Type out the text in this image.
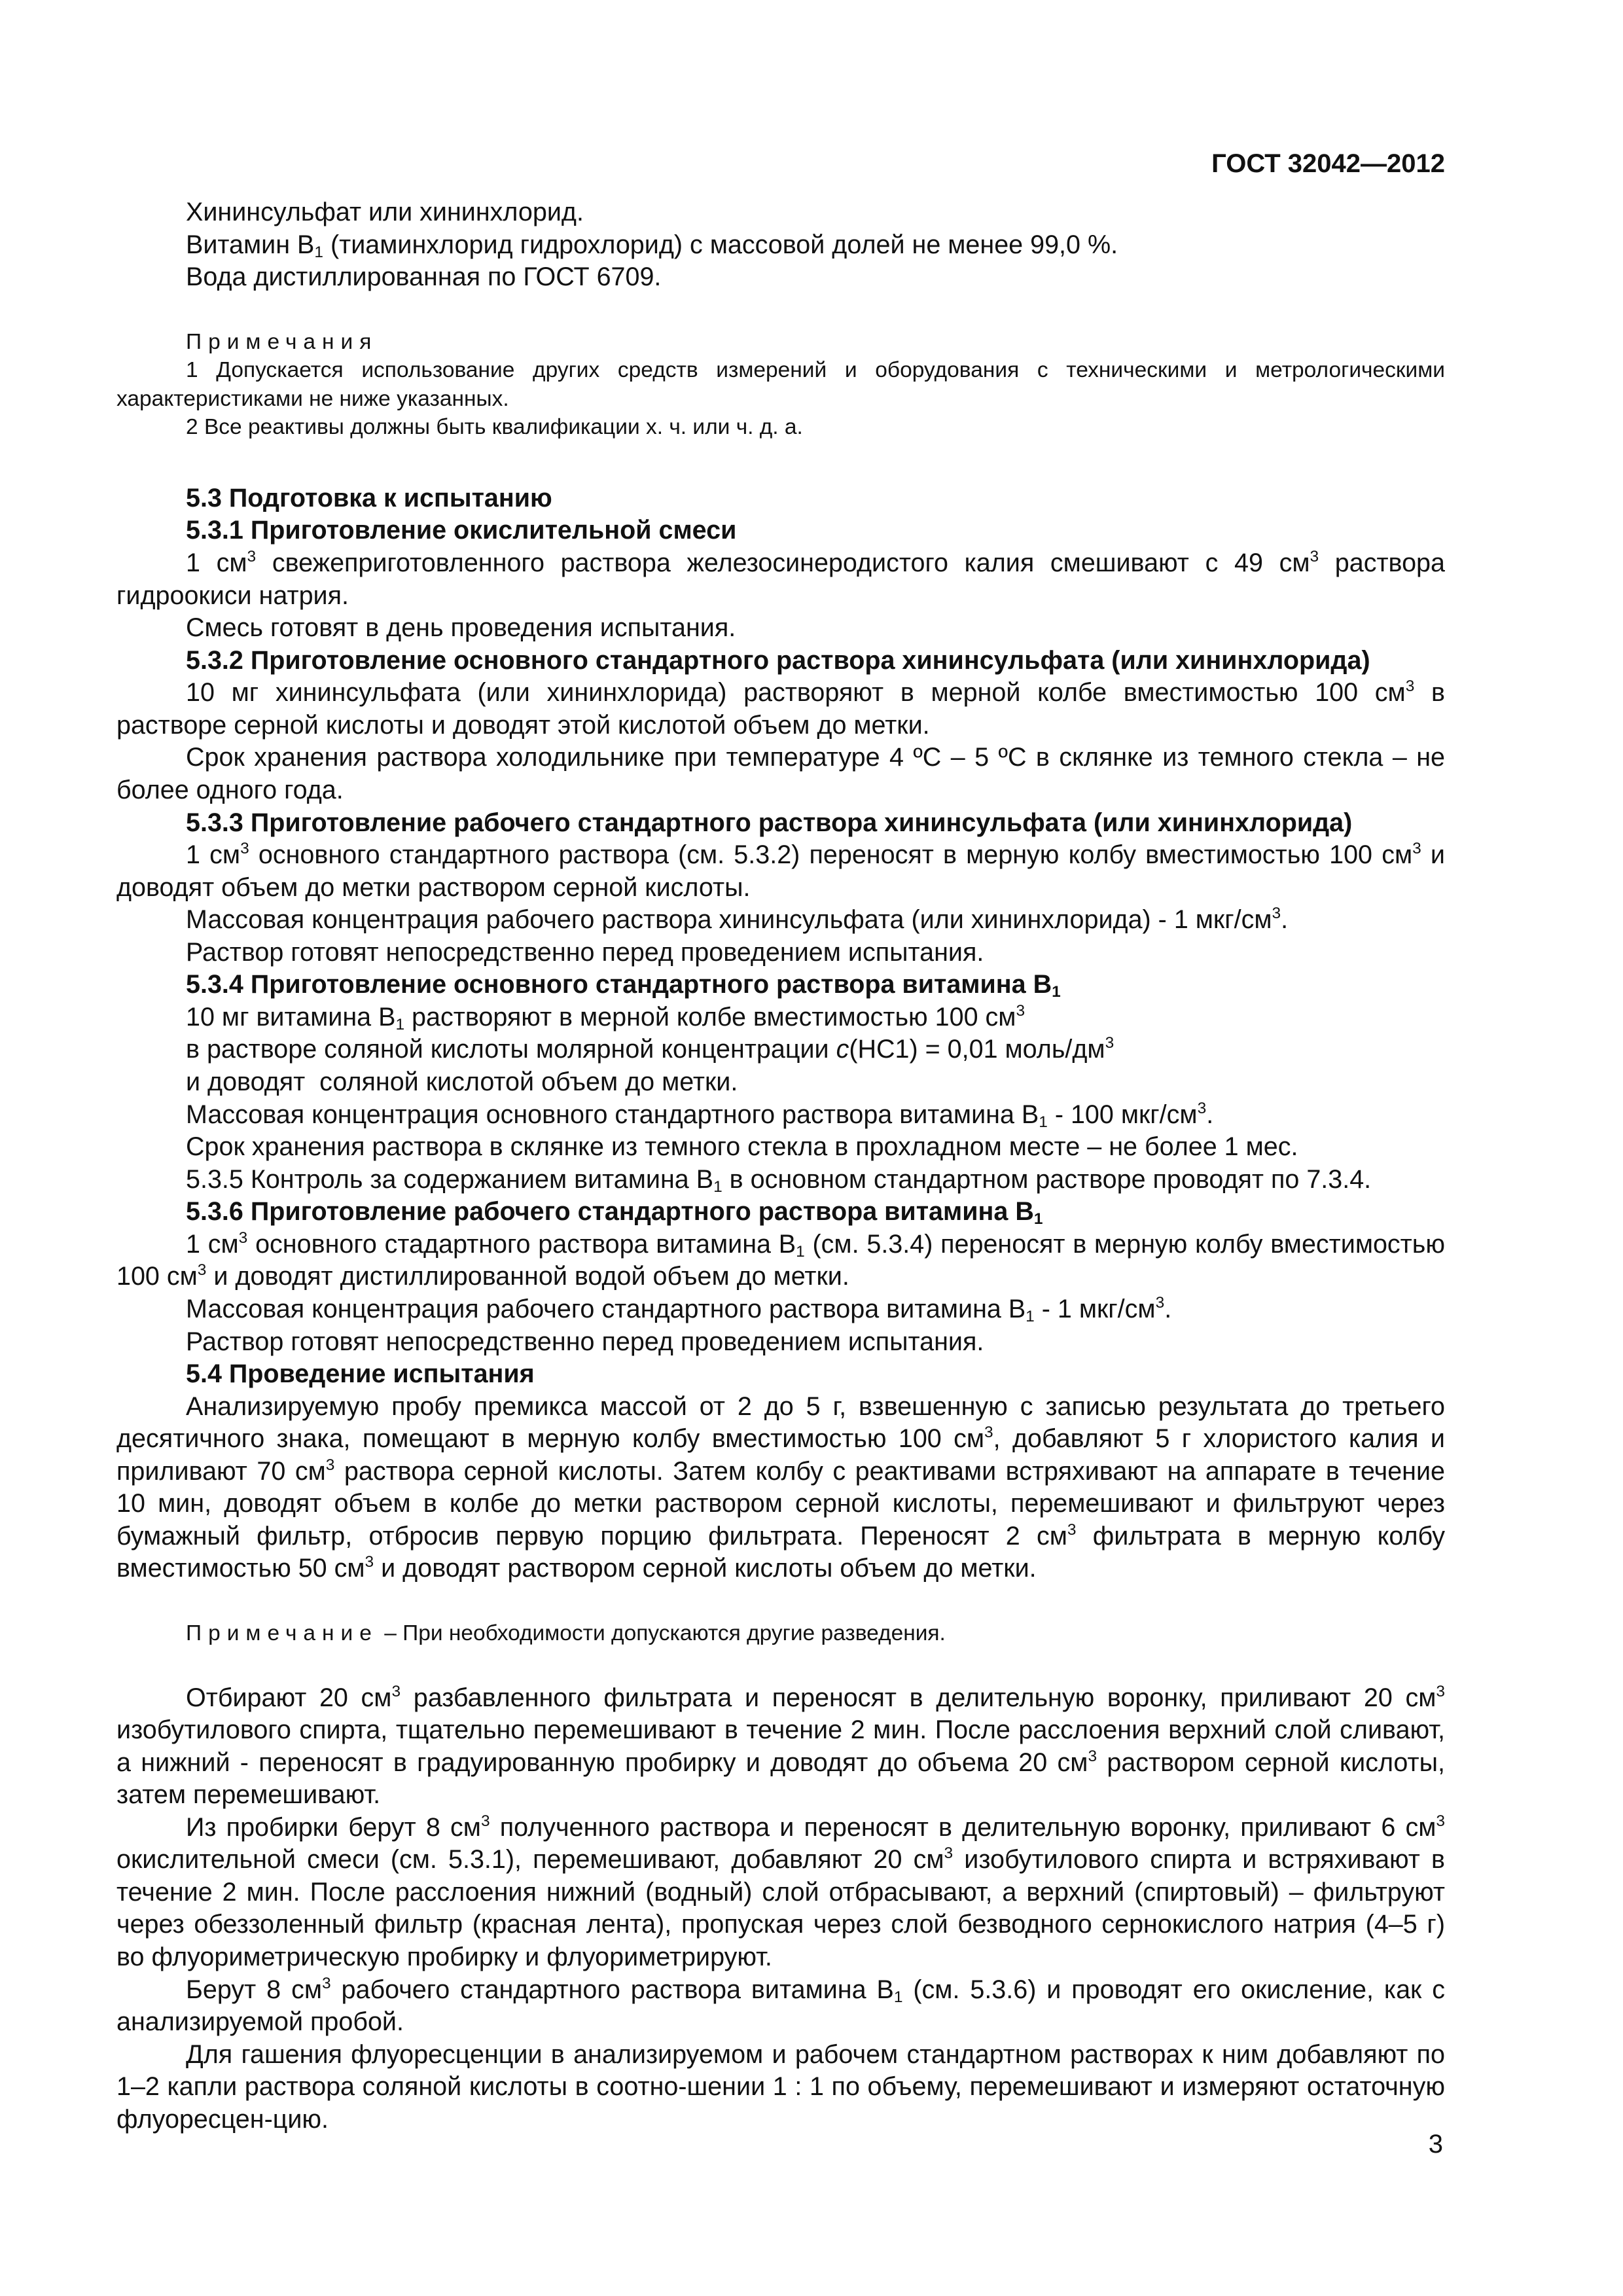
ГОСТ 32042—2012

Хининсульфат или хининхлорид.

Витамин $В_1$ (тиаминхлорид гидрохлорид) с массовой долей не менее 99,0 %.

Вода дистиллированная по ГОСТ 6709.

Примечания

1 Допускается использование других средств измерений и оборудования с техническими и метрологическими характеристиками не ниже указанных.

2 Все реактивы должны быть квалификации х. ч. или ч. д. а.

5.3 Подготовка к испытанию

5.3.1 Приготовление окислительной смеси

1 $см^3$ свежеприготовленного раствора железосинеродистого калия смешивают с 49 $см^3$ раствора гидроокиси натрия.

Смесь готовят в день проведения испытания.

5.3.2 Приготовление основного стандартного раствора хининсульфата (или хининхлорида)

10 мг хининсульфата (или хининхлорида) растворяют в мерной колбе вместимостью 100 $см^3$ в растворе серной кислоты и доводят этой кислотой объем до метки.

Срок хранения раствора холодильнике при температуре 4 ºС – 5 ºС в склянке из темного стекла – не более одного года.

5.3.3 Приготовление рабочего стандартного раствора хининсульфата (или хининхлорида)

1 $см^3$ основного стандартного раствора (см. 5.3.2) переносят в мерную колбу вместимостью 100 $см^3$ и доводят объем до метки раствором серной кислоты.

Массовая концентрация рабочего раствора хининсульфата (или хининхлорида) - 1 мкг/$см^3$.

Раствор готовят непосредственно перед проведением испытания.

5.3.4 Приготовление основного стандартного раствора витамина $В_1$

10 мг витамина $В_1$ растворяют в мерной колбе вместимостью 100 $см^3$

в растворе соляной кислоты молярной концентрации с(НС1) = 0,01 моль/$дм^3$

и доводят  соляной кислотой объем до метки.

Массовая концентрация основного стандартного раствора витамина $В_1 - 100$ мкг/$см^3$.

Срок хранения раствора в склянке из темного стекла в прохладном месте – не более 1 мес.

5.3.5 Контроль за содержанием витамина $В_1$ в основном стандартном растворе проводят по 7.3.4.

5.3.6 Приготовление рабочего стандартного раствора витамина $В_1$

1 $см^3$ основного стадартного раствора витамина $В_1$ (см. 5.3.4) переносят в мерную колбу вместимостью 100 $см^3$ и доводят дистиллированной водой объем до метки.

Массовая концентрация рабочего стандартного раствора витамина $В_1 - 1$ мкг/$см^3$.

Раствор готовят непосредственно перед проведением испытания.

5.4 Проведение испытания

Анализируемую пробу премикса массой от 2 до 5 г, взвешенную с записью результата до третьего десятичного знака, помещают в мерную колбу вместимостью 100 $см^3$, добавляют 5 г хлористого калия и приливают 70 $см^3$ раствора серной кислоты. Затем колбу с реактивами встряхивают на аппарате в течение 10 мин, доводят объем в колбе до метки раствором серной кислоты, перемешивают и фильтруют через бумажный фильтр, отбросив первую порцию фильтрата. Переносят 2 $см^3$ фильтрата в мерную колбу вместимостью 50 $см^3$ и доводят раствором серной кислоты объем до метки.

Примечание – При необходимости допускаются другие разведения.

Отбирают 20 $см^3$ разбавленного фильтрата и переносят в делительную воронку, приливают 20 $см^3$ изобутилового спирта, тщательно перемешивают в течение 2 мин. После расслоения верхний слой сливают, а нижний - переносят в градуированную пробирку и доводят до объема 20 $см^3$ раствором серной кислоты, затем перемешивают.

Из пробирки берут 8 $см^3$ полученного раствора и переносят в делительную воронку, приливают 6 $см^3$ окислительной смеси (см. 5.3.1), перемешивают, добавляют 20 $см^3$ изобутилового спирта и встряхивают в течение 2 мин. После расслоения нижний (водный) слой отбрасывают, а верхний (спиртовый) – фильтруют через обеззоленный фильтр (красная лента), пропуская через слой безводного сернокислого натрия (4–5 г) во флуориметрическую пробирку и флуориметрируют.

Берут 8 $см^3$ рабочего стандартного раствора витамина $В_1$ (см. 5.3.6) и проводят его окисление, как с анализируемой пробой.

Для гашения флуоресценции в анализируемом и рабочем стандартном растворах к ним добавляют по 1–2 капли раствора соляной кислоты в соотно-шении 1 : 1 по объему, перемешивают и измеряют остаточную флуоресцен-цию.

3
